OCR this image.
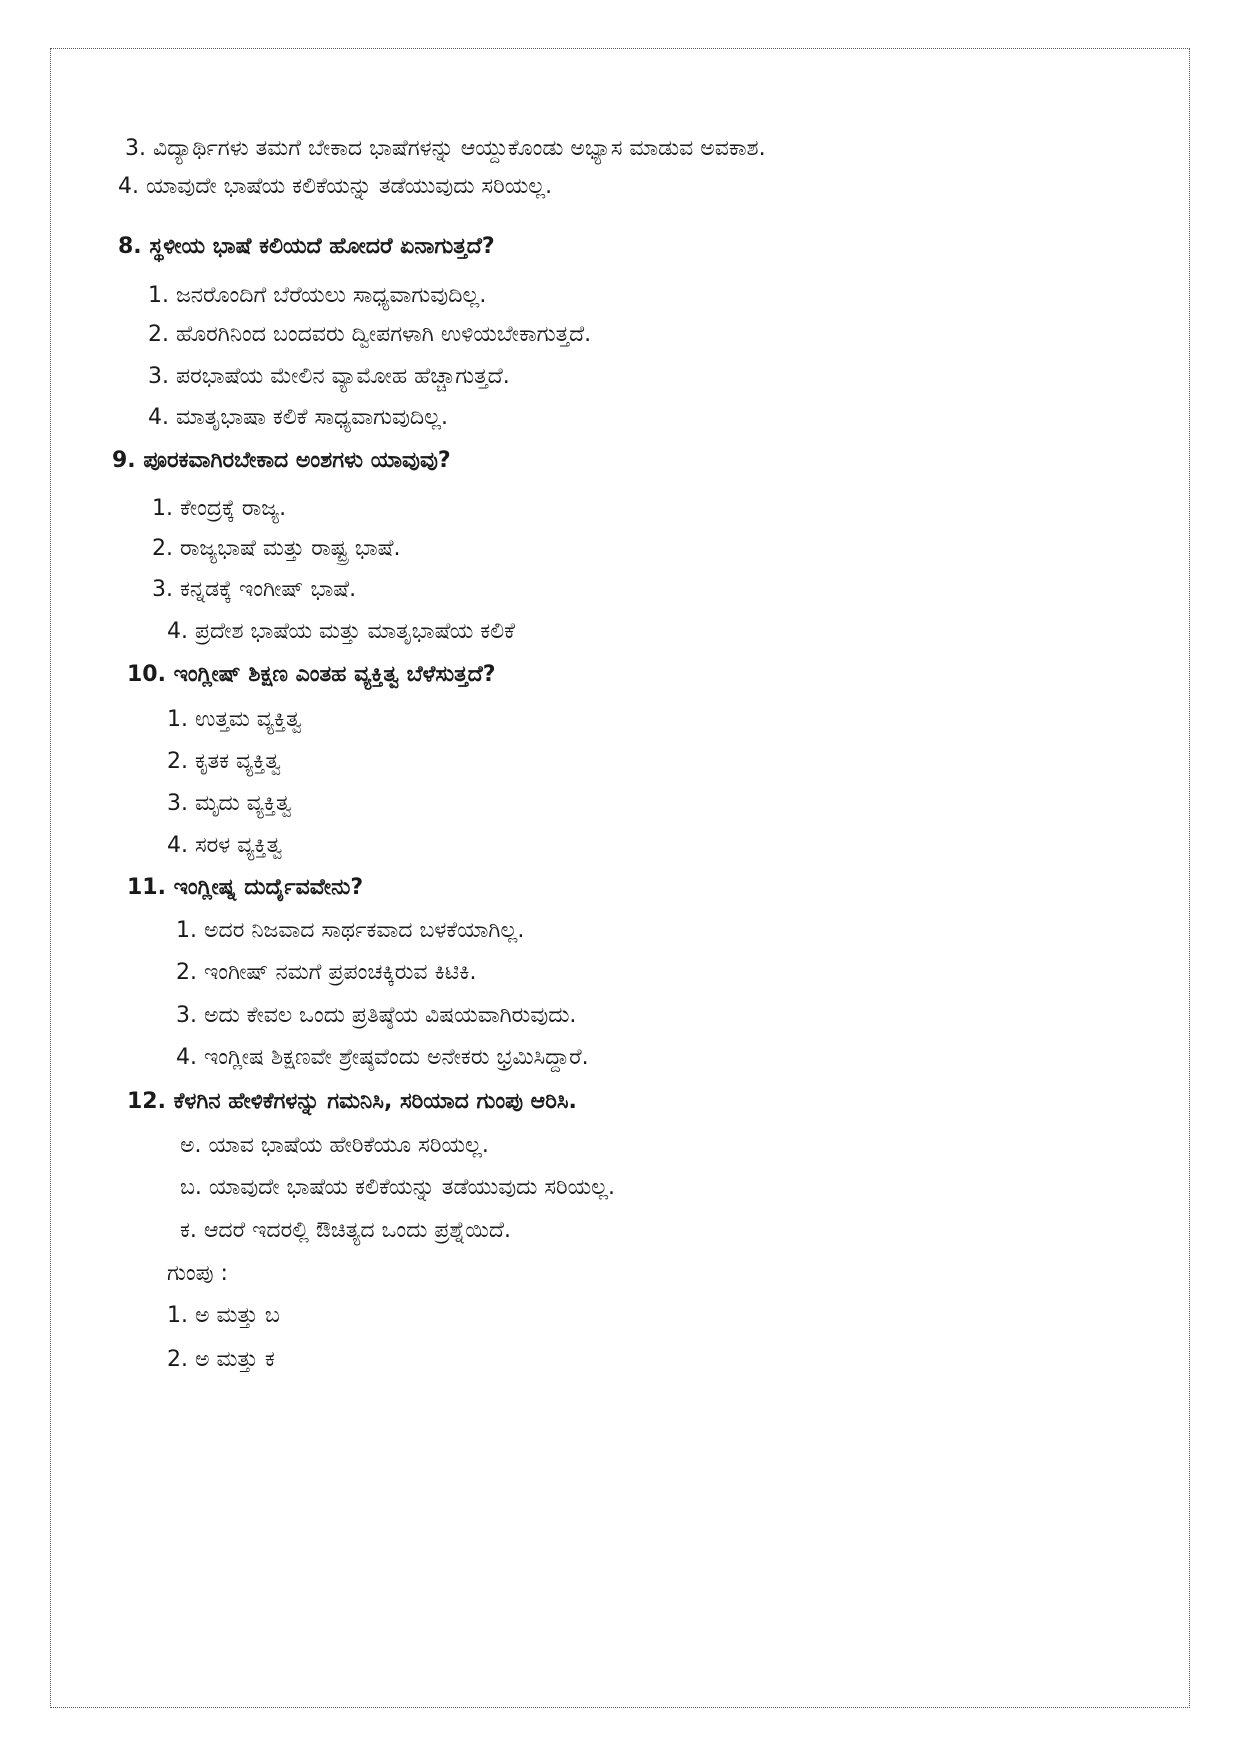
3. ವಿದ್ಯಾರ್ಥಿಗಳು ತಮಗೆ ಬೇಕಾದ ಭಾಷೆಗಳನ್ನು ಆಯ್ದುಕೊಂಡು ಅಭ್ಯಾಸ ಮಾಡುವ ಅವಕಾಶ.
4. ಯಾವುದೇ ಭಾಷೆಯ ಕಲಿಕೆಯನ್ನು ತಡೆಯುವುದು ಸರಿಯಲ್ಲ.
8. ಸ್ಥಳೀಯ ಭಾಷೆ ಕಲಿಯದೆ ಹೋದರೆ ಏನಾಗುತ್ತದೆ?
1. ಜನರೊಂದಿಗೆ ಬೆರೆಯಲು ಸಾಧ್ಯವಾಗುವುದಿಲ್ಲ.
2. ಹೊರಗಿನಿಂದ ಬಂದವರು ದ್ವೀಪಗಳಾಗಿ ಉಳಿಯಬೇಕಾಗುತ್ತದೆ.
3. ಪರಭಾಷೆಯ ಮೇಲಿನ ವ್ಯಾಮೋಹ ಹೆಚ್ಚಾಗುತ್ತದೆ.
4. ಮಾತೃಭಾಷಾ ಕಲಿಕೆ ಸಾಧ್ಯವಾಗುವುದಿಲ್ಲ.
9. ಪೂರಕವಾಗಿರಬೇಕಾದ ಅಂಶಗಳು ಯಾವುವು?
1. ಕೇಂದ್ರಕ್ಕೆ ರಾಜ್ಯ.
2. ರಾಜ್ಯಭಾಷೆ ಮತ್ತು ರಾಷ್ಟ್ರ ಭಾಷೆ.
3. ಕನ್ನಡಕ್ಕೆ ಇಂಗೀಷ್ ಭಾಷೆ.
4. ಪ್ರದೇಶ ಭಾಷೆಯ ಮತ್ತು ಮಾತೃಭಾಷೆಯ ಕಲಿಕೆ
10. ಇಂಗ್ಲೀಷ್ ಶಿಕ್ಷಣ ಎಂತಹ ವ್ಯಕ್ತಿತ್ವ ಬೆಳೆಸುತ್ತದೆ?
1. ಉತ್ತಮ ವ್ಯಕ್ತಿತ್ವ
2. ಕೃತಕ ವ್ಯಕ್ತಿತ್ವ
3. ಮೃದು ವ್ಯಕ್ತಿತ್ವ
4. ಸರಳ ವ್ಯಕ್ತಿತ್ವ
11. ಇಂಗ್ಲೀಷ್ನ ದುರ್ದೈವವೇನು?
1. ಅದರ ನಿಜವಾದ ಸಾರ್ಥಕವಾದ ಬಳಕೆಯಾಗಿಲ್ಲ.
2. ಇಂಗೀಷ್ ನಮಗೆ ಪ್ರಪಂಚಕ್ಕಿರುವ ಕಿಟಿಕಿ.
3. ಅದು ಕೇವಲ ಒಂದು ಪ್ರತಿಷ್ಠೆಯ ವಿಷಯವಾಗಿರುವುದು.
4. ಇಂಗ್ಲೀಷ ಶಿಕ್ಷಣವೇ ಶ್ರೇಷ್ಠವೆಂದು ಅನೇಕರು ಭ್ರಮಿಸಿದ್ದಾರೆ.
12. ಕೆಳಗಿನ ಹೇಳಿಕೆಗಳನ್ನು ಗಮನಿಸಿ, ಸರಿಯಾದ ಗುಂಪು ಆರಿಸಿ.
ಅ. ಯಾವ ಭಾಷೆಯ ಹೇರಿಕೆಯೂ ಸರಿಯಲ್ಲ.
ಬ. ಯಾವುದೇ ಭಾಷೆಯ ಕಲಿಕೆಯನ್ನು ತಡೆಯುವುದು ಸರಿಯಲ್ಲ.
ಕ. ಆದರೆ ಇದರಲ್ಲಿ ಔಚಿತ್ಯದ ಒಂದು ಪ್ರಶ್ನೆಯಿದೆ.
ಗುಂಪು :
1. ಅ ಮತ್ತು ಬ
2. ಅ ಮತ್ತು ಕ
